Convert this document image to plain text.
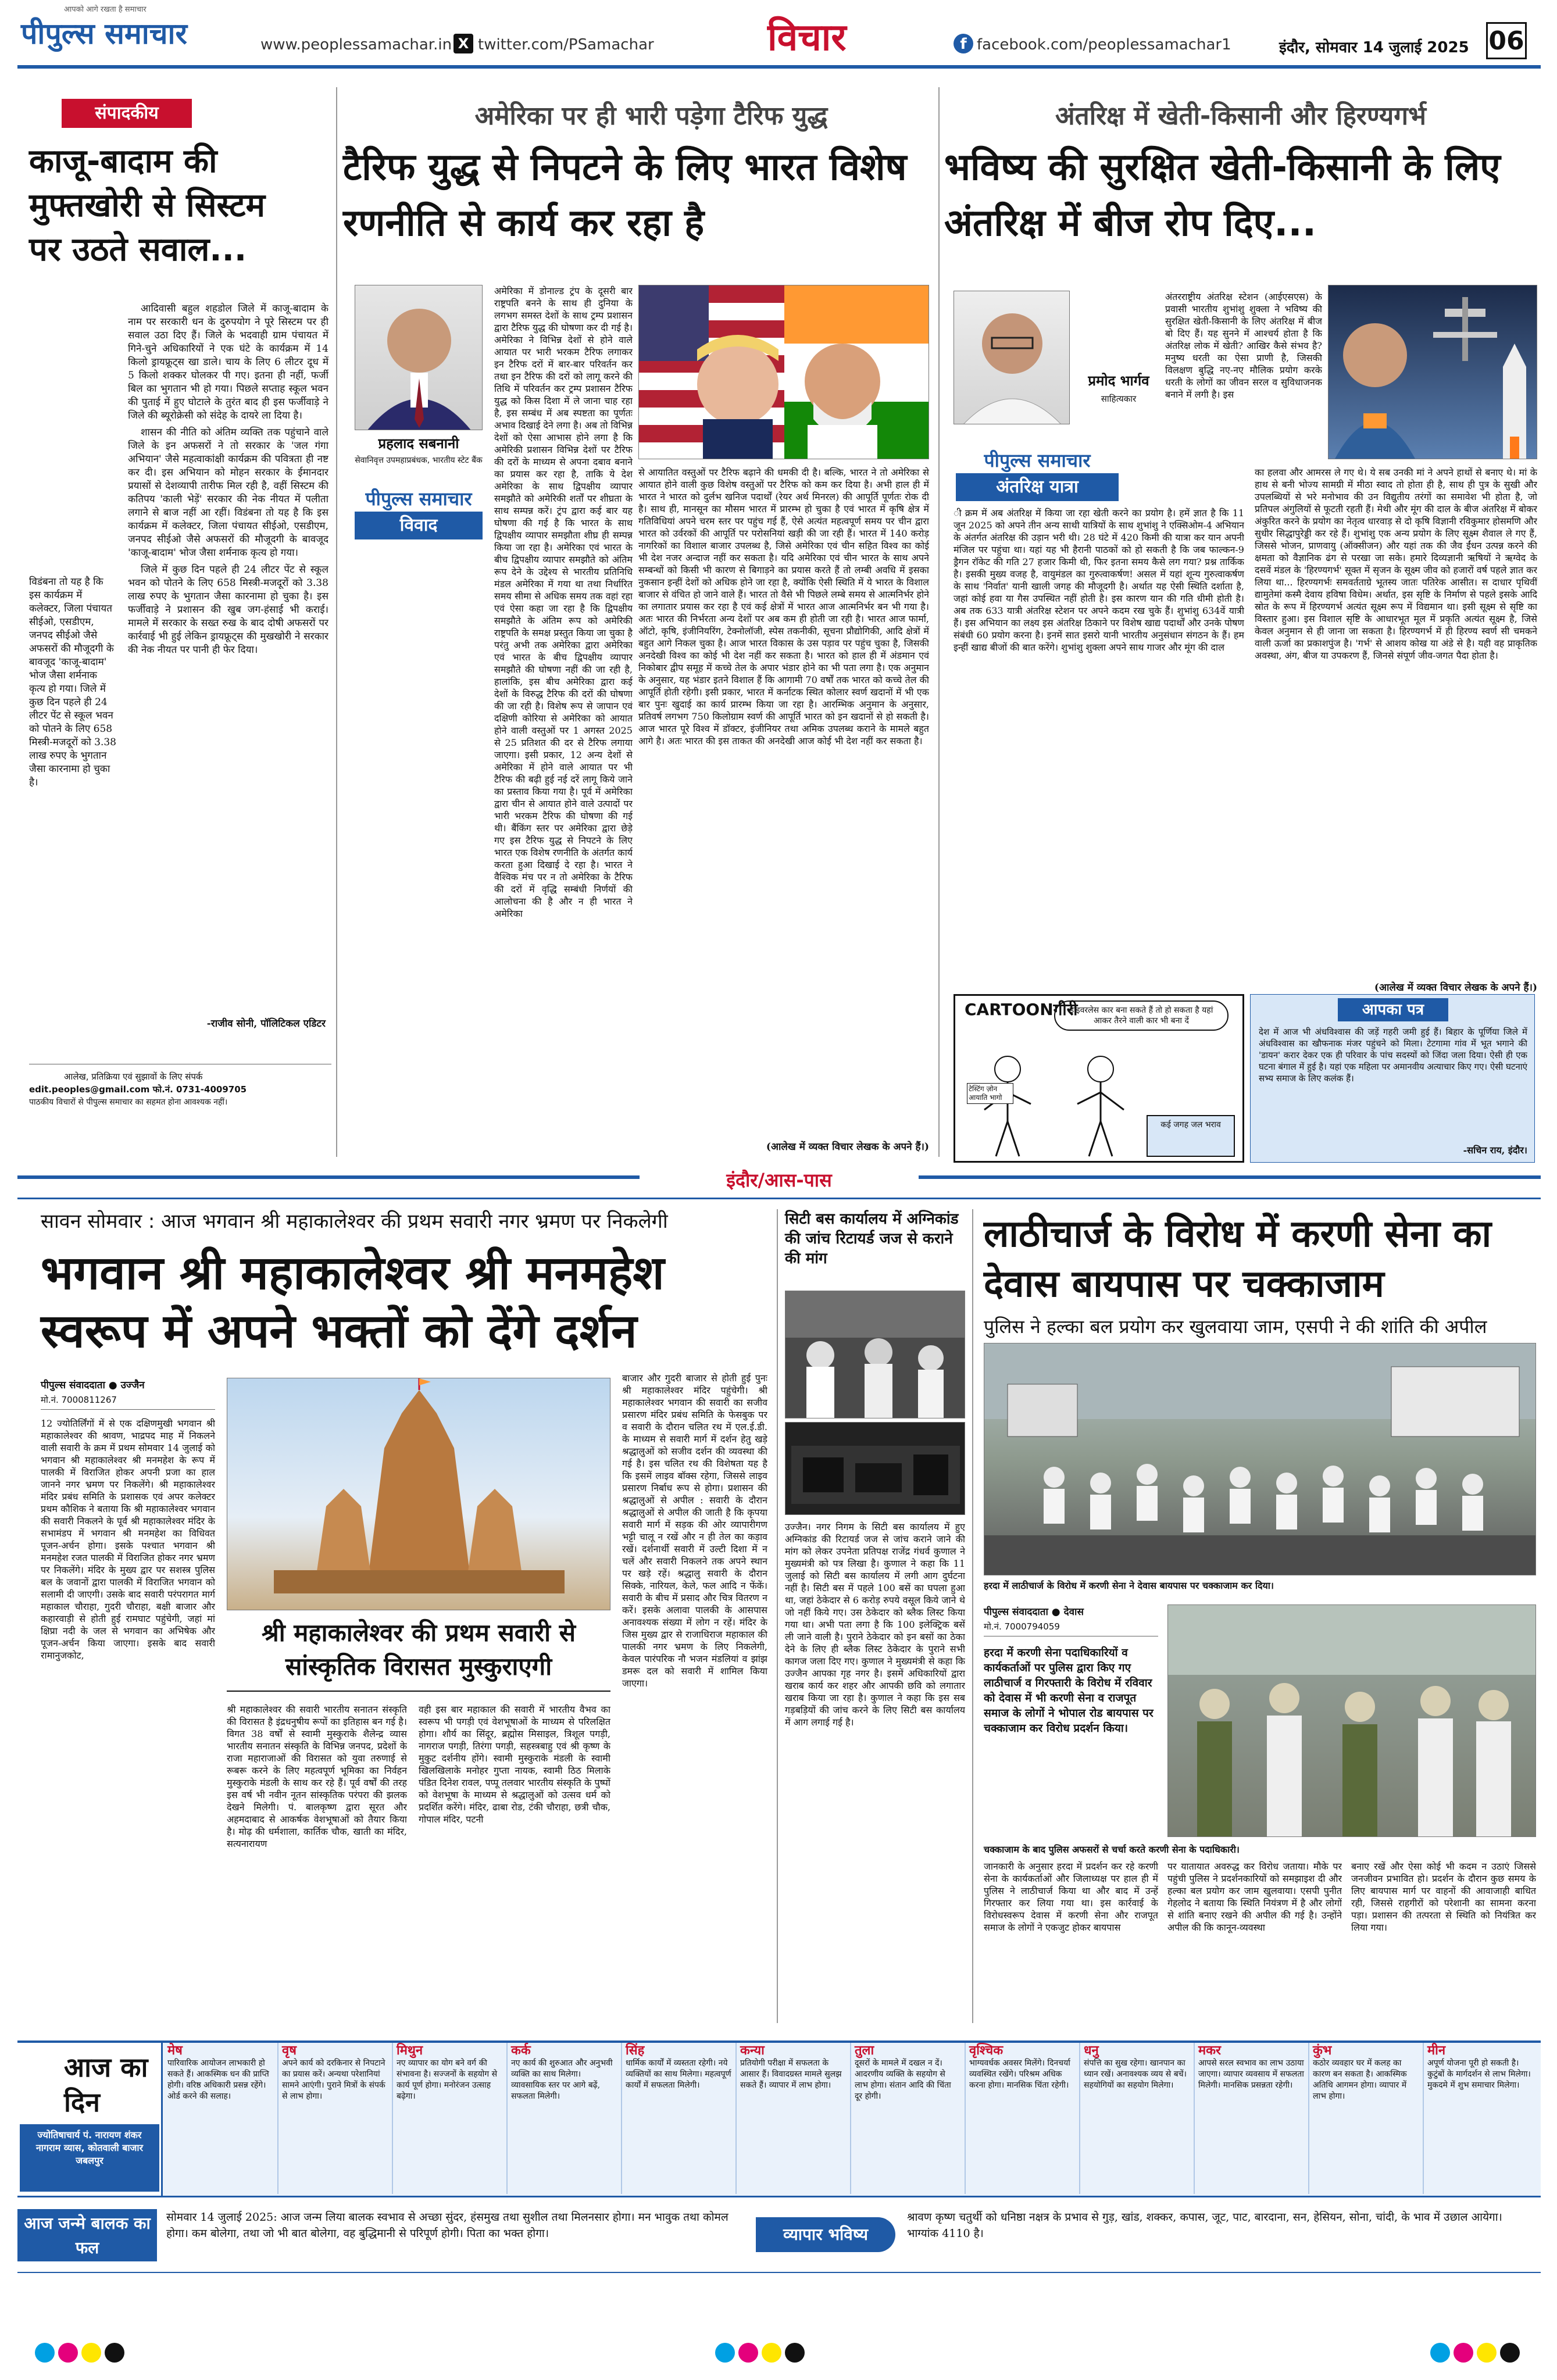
पीपुल्स समाचार
आपको आगे रखता है समाचार
www.peoplessamachar.in X twitter.com/PSamachar	विचार	f facebook.com/peoplessamachar1	इंदौर, सोमवार 14 जुलाई 2025 06
संपादकीय
काजू-बादाम की मुफ्तखोरी से सिस्टम पर उठते सवाल...

आदिवासी बहुल शहडोल जिले में काजू-बादाम के नाम पर सरकारी धन के दुरुपयोग ने पूरे सिस्टम पर ही सवाल उठा दिए हैं। जिले के भदवाही ग्राम पंचायत में गिने-चुने अधिकारियों ने एक घंटे के कार्यक्रम में 14 किलो ड्रायफ्रूट्स खा डाले। चाय के लिए 6 लीटर दूध में 5 किलो शक्कर घोलकर पी गए। इतना ही नहीं, फर्जी बिल का भुगतान भी हो गया। पिछले सप्ताह स्कूल भवन की पुताई में हुए घोटाले के तुरंत बाद ही इस फर्जीवाड़े ने जिले की ब्यूरोक्रेसी को संदेह के दायरे ला दिया है।

शासन की नीति को अंतिम व्यक्ति तक पहुंचाने वाले जिले के इन अफसरों ने तो सरकार के 'जल गंगा अभियान' जैसे महत्वाकांक्षी कार्यक्रम की पवित्रता ही नष्ट कर दी। इस अभियान को मोहन सरकार के ईमानदार प्रयासों से देशव्यापी तारीफ मिल रही है, वहीं सिस्टम की कतिपय 'काली भेड़ें' सरकार की नेक नीयत में पलीता लगाने से बाज नहीं आ रहीं। विडंबना तो यह है कि इस कार्यक्रम में कलेक्टर, जिला पंचायत सीईओ, एसडीएम, जनपद सीईओ जैसे अफसरों की मौजूदगी के बावजूद 'काजू-बादाम' भोज जैसा शर्मनाक कृत्य हो गया।

जिले में कुछ दिन पहले ही 24 लीटर पेंट से स्कूल भवन को पोतने के लिए 658 मिस्त्री-मजदूरों को 3.38 लाख रुपए के भुगतान जैसा कारनामा हो चुका है। इस फर्जीवाड़े ने प्रशासन की खुब जग-हंसाई भी कराई। मामले में सरकार के सख्त रुख के बाद दोषी अफसरों पर कार्रवाई भी हुई लेकिन ड्रायफ्रूट्स की मुखखोरी ने सरकार की नेक नीयत पर पानी ही फेर दिया।

विडंबना तो यह है कि इस कार्यक्रम में कलेक्टर, जिला पंचायत सीईओ, एसडीएम, जनपद सीईओ जैसे अफसरों की मौजूदगी के बावजूद 'काजू-बादाम' भोज जैसा शर्मनाक कृत्य हो गया। जिले में कुछ दिन पहले ही 24 लीटर पेंट से स्कूल भवन को पोतने के लिए 658 मिस्त्री-मजदूरों को 3.38 लाख रुपए के भुगतान जैसा कारनामा हो चुका है।
-राजीव सोनी, पॉलिटिकल एडिटर
आलेख, प्रतिक्रिया एवं सुझावों के लिए संपर्क
edit.peoples@gmail.com फो.नं. 0731-4009705
पाठकीय विचारों से पीपुल्स समाचार का सहमत होना आवश्यक नहीं।
अमेरिका पर ही भारी पड़ेगा टैरिफ युद्ध
टैरिफ युद्ध से निपटने के लिए भारत विशेष रणनीति से कार्य कर रहा है
प्रहलाद सबनानी
सेवानिवृत्त उपमहाप्रबंधक, भारतीय स्टेट बैंक
पीपुल्स समाचार
विवाद
अमेरिका में डोनाल्ड ट्रंप के दूसरी बार राष्ट्रपति बनने के साथ ही दुनिया के लगभग समस्त देशों के साथ ट्रम्प प्रशासन द्वारा टैरिफ युद्ध की घोषणा कर दी गई है। अमेरिका ने विभिन्न देशों से होने वाले आयात पर भारी भरकम टैरिफ लगाकर इन टैरिफ दरों में बार-बार परिवर्तन कर तथा इन टैरिफ की दरों को लागू करने की तिथि में परिवर्तन कर ट्रम्प प्रशासन टैरिफ युद्ध को किस दिशा में ले जाना चाह रहा है, इस सम्बंध में अब स्पष्टता का पूर्णतः अभाव दिखाई देने लगा है। अब तो विभिन्न देशों को ऐसा आभास होने लगा है कि अमेरिकी प्रशासन विभिन्न देशों पर टैरिफ की दरों के माध्यम से अपना दबाव बनाने का प्रयास कर रहा है, ताकि ये देश अमेरिका के साथ द्विपक्षीय व्यापार समझौते को अमेरिकी शर्तों पर शीघ्रता के साथ सम्पन्न करें। ट्रंप द्वारा कई बार यह घोषणा की गई है कि भारत के साथ द्विपक्षीय व्यापार समझौता शीघ्र ही सम्पन्न किया जा रहा है। अमेरिका एवं भारत के बीच द्विपक्षीय व्यापार समझौते को अंतिम रूप देने के उद्देश्य से भारतीय प्रतिनिधि मंडल अमेरिका में गया था तथा निर्धारित समय सीमा से अधिक समय तक वहां रहा एवं ऐसा कहा जा रहा है कि द्विपक्षीय समझौते के अंतिम रूप को अमेरिकी राष्ट्रपति के समक्ष प्रस्तुत किया जा चुका है परंतु अभी तक अमेरिका द्वारा अमेरिका एवं भारत के बीच द्विपक्षीय व्यापार समझौते की घोषणा नहीं की जा रही है, हालांकि, इस बीच अमेरिका द्वारा कई देशों के विरुद्ध टैरिफ की दरों की घोषणा की जा रही है। विशेष रूप से जापान एवं दक्षिणी कोरिया से अमेरिका को आयात होने वाली वस्तुओं पर 1 अगस्त 2025 से 25 प्रतिशत की दर से टैरिफ लगाया जाएगा। इसी प्रकार, 12 अन्य देशों से अमेरिका में होने वाले आयात पर भी टैरिफ की बढ़ी हुई नई दरें लागू किये जाने का प्रस्ताव किया गया है। पूर्व में अमेरिका द्वारा चीन से आयात होने वाले उत्पादों पर भारी भरकम टैरिफ की घोषणा की गई थी। बैंकिंग स्तर पर अमेरिका द्वारा छेड़े गए इस टैरिफ युद्ध से निपटने के लिए भारत एक विशेष रणनीति के अंतर्गत कार्य करता हुआ दिखाई दे रहा है। भारत ने वैश्विक मंच पर न तो अमेरिका के टैरिफ की दरों में वृद्धि सम्बंधी निर्णयों की आलोचना की है और न ही भारत ने अमेरिका
से आयातित वस्तुओं पर टैरिफ बढ़ाने की धमकी दी है। बल्कि, भारत ने तो अमेरिका से आयात होने वाली कुछ विशेष वस्तुओं पर टैरिफ को कम कर दिया है। अभी हाल ही में भारत ने भारत को दुर्लभ खनिज पदार्थों (रेयर अर्थ मिनरल) की आपूर्ति पूर्णतः रोक दी है। साथ ही, मानसून का मौसम भारत में प्रारम्भ हो चुका है एवं भारत में कृषि क्षेत्र में गतिविधियां अपने चरम स्तर पर पहुंच गई हैं, ऐसे अत्यंत महत्वपूर्ण समय पर चीन द्वारा भारत को उर्वरकों की आपूर्ति पर परोसनियां खड़ी की जा रही हैं। भारत में 140 करोड़ नागरिकों का विशाल बाजार उपलब्ध है, जिसे अमेरिका एवं चीन सहित विश्व का कोई भी देश नजर अन्दाज नहीं कर सकता है। यदि अमेरिका एवं चीन भारत के साथ अपने सम्बन्धों को किसी भी कारण से बिगाड़ने का प्रयास करते हैं तो लम्बी अवधि में इसका नुकसान इन्हीं देशों को अधिक होने जा रहा है, क्योंकि ऐसी स्थिति में ये भारत के विशाल बाजार से वंचित हो जाने वाले हैं। भारत तो वैसे भी पिछले लम्बे समय से आत्मनिर्भर होने का लगातार प्रयास कर रहा है एवं कई क्षेत्रों में भारत आज आत्मनिर्भर बन भी गया है। अतः भारत की निर्भरता अन्य देशों पर अब कम ही होती जा रही है। भारत आज फार्मा, ऑटो, कृषि, इंजीनियरिंग, टेक्नोलॉजी, स्पेस तकनीकी, सूचना प्रौद्योगिकी, आदि क्षेत्रों में बहुत आगे निकल चुका है। आज भारत विकास के उस पड़ाव पर पहुंच चुका है, जिसकी अनदेखी विश्व का कोई भी देश नहीं कर सकता है। भारत को हाल ही में अंडमान एवं निकोबार द्वीप समूह में कच्चे तेल के अपार भंडार होने का भी पता लगा है। एक अनुमान के अनुसार, यह भंडार इतने विशाल हैं कि आगामी 70 वर्षों तक भारत को कच्चे तेल की आपूर्ति होती रहेगी। इसी प्रकार, भारत में कर्नाटक स्थित कोलार स्वर्ण खदानों में भी एक बार पुनः खुदाई का कार्य प्रारम्भ किया जा रहा है। आरम्भिक अनुमान के अनुसार, प्रतिवर्ष लगभग 750 किलोग्राम स्वर्ण की आपूर्ति भारत को इन खदानों से हो सकती है। आज भारत पूरे विश्व में डॉक्टर, इंजीनियर तथा अमिक उपलब्ध कराने के मामले बहुत आगे है। अतः भारत की इस ताकत की अनदेखी आज कोई भी देश नहीं कर सकता है।
(आलेख में व्यक्त विचार लेखक के अपने हैं।)
अंतरिक्ष में खेती-किसानी और हिरण्यगर्भ
भविष्य की सुरक्षित खेती-किसानी के लिए अंतरिक्ष में बीज रोप दिए...
प्रमोद भार्गव
साहित्यकार
पीपुल्स समाचार
अंतरिक्ष यात्रा
अंतरराष्ट्रीय अंतरिक्ष स्टेशन (आईएसएस) के प्रवासी भारतीय शुभांशु शुक्ला ने भविष्य की सुरक्षित खेती-किसानी के लिए अंतरिक्ष में बीज बो दिए हैं। यह सुनने में आश्चर्य होता है कि अंतरिक्ष लोक में खेती? आखिर कैसे संभव है? मनुष्य धरती का ऐसा प्राणी है, जिसकी विलक्षण बुद्धि नए-नए मौलिक प्रयोग करके धरती के लोगों का जीवन सरल व सुविधाजनक बनाने में लगी है। इस
ी क्रम में अब अंतरिक्ष में किया जा रहा खेती करने का प्रयोग है। हमें ज्ञात है कि 11 जून 2025 को अपने तीन अन्य साथी यात्रियों के साथ शुभांशु ने एक्सिओम-4 अभियान के अंतर्गत अंतरिक्ष की उड़ान भरी थी। 28 घंटे में 420 किमी की यात्रा कर यान अपनी मंजिल पर पहुंचा था। यहां यह भी हैरानी पाठकों को हो सकती है कि जब फाल्कन-9 ड्रैगन रॉकेट की गति 27 हजार किमी थी, फिर इतना समय कैसे लग गया? प्रश्न तार्किक है। इसकी मुख्य वजह है, वायुमंडल का गुरुत्वाकर्षण! असल में यहां शून्य गुरुत्वाकर्षण के साथ 'निर्वात' यानी खाली जगह की मौजूदगी है। अर्थात यह ऐसी स्थिति दर्शाता है, जहां कोई हवा या गैस उपस्थित नहीं होती है। इस कारण यान की गति धीमी होती है। अब तक 633 यात्री अंतरिक्ष स्टेशन पर अपने कदम रख चुके हैं। शुभांशु 634वें यात्री हैं। इस अभियान का लक्ष्य इस अंतरिक्ष ठिकाने पर विशेष खाद्य पदार्थों और उनके पोषण संबंधी 60 प्रयोग करना है। इनमें सात इसरो यानी भारतीय अनुसंधान संगठन के हैं। हम इन्हीं खाद्य बीजों की बात करेंगे। शुभांशु शुक्ला अपने साथ गाजर और मूंग की दाल
का हलवा और आमरस ले गए थे। ये सब उनकी मां ने अपने हाथों से बनाए थे। मां के हाथ से बनी भोज्य सामग्री में मीठा स्वाद तो होता ही है, साथ ही पुत्र के सुखी और उपलब्धियों से भरे मनोभाव की उन विद्युतीय तरंगों का समावेश भी होता है, जो प्रतिपल अंगुलियों से फूटती रहती हैं। मेथी और मूंग की दाल के बीज अंतरिक्ष में बोकर अंकुरित करने के प्रयोग का नेतृत्व धारवाड़ से दो कृषि विज्ञानी रविकुमार होसमणि और सुधीर सिद्धापुरेड्डी कर रहे हैं। शुभांशु एक अन्य प्रयोग के लिए सूक्ष्म शैवाल ले गए हैं, जिससे भोजन, प्राणवायु (ऑक्सीजन) और यहां तक की जैव ईंधन उत्पन्न करने की क्षमता को वैज्ञानिक ढंग से परखा जा सके। हमारे दिव्यज्ञानी ऋषियों ने ऋग्वेद के दसवें मंडल के 'हिरण्यगर्भ' सूक्त में सृजन के सूक्ष्म जीव को हजारों वर्ष पहले ज्ञात कर लिया था... हिरण्यगर्भः समवर्तताग्रे भूतस्य जातः पतिरेक आसीत। स दाधार पृथिवीं द्यामुतेमां कस्मै देवाय हविषा विधेम। अर्थात, इस सृष्टि के निर्माण से पहले इसके आदि स्रोत के रूप में हिरण्यगर्भ अत्यंत सूक्ष्म रूप में विद्यमान था। इसी सूक्ष्म से सृष्टि का विस्तार हुआ। इस विशाल सृष्टि के आधारभूत मूल में प्रकृति अत्यंत सूक्ष्म है, जिसे केवल अनुमान से ही जाना जा सकता है। हिरण्यगर्भ में ही हिरण्य स्वर्ण सी चमकने वाली ऊर्जा का प्रकाशपुंज है। 'गर्भ' से आशय कोख या अंडे से है। यही वह प्राकृतिक अवस्था, अंग, बीज या उपकरण हैं, जिनसे संपूर्ण जीव-जगत पैदा होता है।
(आलेख में व्यक्त विचार लेखक के अपने हैं।)
CARTOONगीरी
ड्राइवरलेस कार बना सकते हैं तो हो सकता है यहां आकर तैरने वाली कार भी बना दें
टेस्टिंग ज़ोन आयाति भागो
कई जगह जल भराव
आपका पत्र
देश में आज भी अंधविश्वास की जड़ें गहरी जमी हुई हैं। बिहार के पूर्णिया जिले में अंधविश्वास का खौफनाक मंजर पहुंचने को मिला। टेटगामा गांव में भूत भगाने की 'डायन' करार देकर एक ही परिवार के पांच सदस्यों को जिंदा जला दिया। ऐसी ही एक घटना बंगाल में हुई है। यहां एक महिला पर अमानवीय अत्याचार किए गए। ऐसी घटनाएं सभ्य समाज के लिए कलंक हैं।
-सचिन राय, इंदौर।
इंदौर/आस-पास
सावन सोमवार : आज भगवान श्री महाकालेश्वर की प्रथम सवारी नगर भ्रमण पर निकलेगी
भगवान श्री महाकालेश्वर श्री मनमहेश स्वरूप में अपने भक्तों को देंगे दर्शन
पीपुल्स संवाददाता ● उज्जैन
मो.नं. 7000811267
12 ज्योतिर्लिंगों में से एक दक्षिणमुखी भगवान श्री महाकालेश्वर की श्रावण, भाद्रपद माह में निकलने वाली सवारी के क्रम में प्रथम सोमवार 14 जुलाई को भगवान श्री महाकालेश्वर श्री मनमहेश के रूप में पालकी में विराजित होकर अपनी प्रजा का हाल जानने नगर भ्रमण पर निकलेंगे। श्री महाकालेश्वर मंदिर प्रबंध समिति के प्रशासक एवं अपर कलेक्टर प्रथम कौशिक ने बताया कि श्री महाकालेश्वर भगवान की सवारी निकलने के पूर्व श्री महाकालेश्वर मंदिर के सभामंडप में भगवान श्री मनमहेश का विधिवत पूजन-अर्चन होगा। इसके पश्चात भगवान श्री मनमहेश रजत पालकी में विराजित होकर नगर भ्रमण पर निकलेंगे। मंदिर के मुख्य द्वार पर सशस्त्र पुलिस बल के जवानों द्वारा पालकी में विराजित भगवान को सलामी दी जाएगी। उसके बाद सवारी परंपरागत मार्ग महाकाल चौराहा, गुदरी चौराहा, बक्षी बाजार और कहारवाड़ी से होती हुई रामघाट पहुंचेगी, जहां मां क्षिप्रा नदी के जल से भगवान का अभिषेक और पूजन-अर्चन किया जाएगा। इसके बाद सवारी रामानुजकोट,
श्री महाकालेश्वर की प्रथम सवारी से सांस्कृतिक विरासत मुस्कुराएगी
श्री महाकालेश्वर की सवारी भारतीय सनातन संस्कृति की विरासत है इंद्रधनुषीय रूपों का इतिहास बन गई है। विगत 38 वर्षों से स्वामी मुस्कुराके शैलेन्द्र व्यास भारतीय सनातन संस्कृति के विभिन्न जनपद, प्रदेशों के राजा महाराजाओं की विरासत को युवा तरुणाई से रूबरू करने के लिए महत्वपूर्ण भूमिका का निर्वहन मुस्कुराके मंडली के साथ कर रहे हैं। पूर्व वर्षों की तरह इस वर्ष भी नवीन नूतन सांस्कृतिक परंपरा की झलक देखने मिलेगी। पं. बालकृष्ण द्वारा सूरत और अहमदाबाद से आकर्षक वेशभूषाओं को तैयार किया है। मोढ़ की धर्मशाला, कार्तिक चौक, खाती का मंदिर, सत्यनारायण
वही इस बार महाकाल की सवारी में भारतीय वैभव का स्वरूप भी पगड़ी एवं वेशभूषाओं के माध्यम से परिलक्षित होगा। शौर्य का सिंदूर, ब्रह्मोस मिसाइल, त्रिशूल पगड़ी, नागराज पगड़ी, तिरंगा पगड़ी, सहस्त्रबाहु एवं श्री कृष्ण के मुकुट दर्शनीय होंगे। स्वामी मुस्कुराके मंडली के स्वामी खिलखिलाके मनोहर गुप्ता नायक, स्वामी ठिठ मिलाके पंडित दिनेश रावल, पप्पू तलवार भारतीय संस्कृति के पुष्पों को वेशभूषा के माध्यम से श्रद्धालुओं को उत्सव धर्म को प्रदर्शित करेंगे। मंदिर, ढाबा रोड, टंकी चौराहा, छत्री चौक, गोपाल मंदिर, पटनी
बाजार और गुदरी बाजार से होती हुई पुनः श्री महाकालेश्वर मंदिर पहुंचेगी। श्री महाकालेश्वर भगवान की सवारी का सजीव प्रसारण मंदिर प्रबंध समिति के फेसबुक पर व सवारी के दौरान चलित रथ में एल.ई.डी. के माध्यम से सवारी मार्ग में दर्शन हेतु खड़े श्रद्धालुओं को सजीव दर्शन की व्यवस्था की गई है। इस चलित रथ की विशेषता यह है कि इसमें लाइव बॉक्स रहेगा, जिससे लाइव प्रसारण निर्बाध रूप से होगा। प्रशासन की श्रद्धालुओं से अपील : सवारी के दौरान श्रद्धालुओं से अपील की जाती है कि कृपया सवारी मार्ग में सड़क की ओर व्यापारीगण भट्टी चालू न रखें और न ही तेल का कड़ाव रखें। दर्शनार्थी सवारी में उल्टी दिशा में न चलें और सवारी निकलने तक अपने स्थान पर खड़े रहें। श्रद्धालु सवारी के दौरान सिक्के, नारियल, केले, फल आदि न फेंकें। सवारी के बीच में प्रसाद और चित्र वितरण न करें। इसके अलावा पालकी के आसपास अनावश्यक संख्या में लोग न रहें। मंदिर के जिस मुख्य द्वार से राजाधिराज महाकाल की पालकी नगर भ्रमण के लिए निकलेगी, केवल पारंपरिक नौ भजन मंडलियां व झांझ डमरू दल को सवारी में शामिल किया जाएगा।
सिटी बस कार्यालय में अग्निकांड की जांच रिटायर्ड जज से कराने की मांग
उज्जैन। नगर निगम के सिटी बस कार्यालय में हुए अग्निकांड की रिटायर्ड जज से जांच कराने जाने की मांग को लेकर उपनेता प्रतिपक्ष राजेंद्र गंधर्व कुणाल ने मुख्यमंत्री को पत्र लिखा है। कुणाल ने कहा कि 11 जुलाई को सिटी बस कार्यालय में लगी आग दुर्घटना नहीं है। सिटी बस में पहले 100 बसें का घपला हुआ था, जहां ठेकेदार से 6 करोड़ रुपये वसूल किये जाने थे जो नहीं किये गए। उस ठेकेदार को ब्लैक लिस्ट किया गया था। अभी पता लगा है कि 100 इलेक्ट्रिक बसें ली जाने वाली है। पुराने ठेकेदार को इन बसों का ठेका देने के लिए ही ब्लैक लिस्ट ठेकेदार के पुराने सभी कागज जला दिए गए। कुणाल ने मुख्यमंत्री से कहा कि उज्जैन आपका गृह नगर है। इसमें अधिकारियों द्वारा खराब कार्य कर शहर और आपकी छवि को लगातार खराब किया जा रहा है। कुणाल ने कहा कि इस सब गड़बड़ियों की जांच करने के लिए सिटी बस कार्यालय में आग लगाई गई है।
लाठीचार्ज के विरोध में करणी सेना का देवास बायपास पर चक्काजाम
पुलिस ने हल्का बल प्रयोग कर खुलवाया जाम, एसपी ने की शांति की अपील
हरदा में लाठीचार्ज के विरोध में करणी सेना ने देवास बायपास पर चक्काजाम कर दिया।
पीपुल्स संवाददाता ● देवास
मो.नं. 7000794059
हरदा में करणी सेना पदाधिकारियों व कार्यकर्ताओं पर पुलिस द्वारा किए गए लाठीचार्ज व गिरफ्तारी के विरोध में रविवार को देवास में भी करणी सेना व राजपूत समाज के लोगों ने भोपाल रोड बायपास पर चक्काजाम कर विरोध प्रदर्शन किया।
चक्काजाम के बाद पुलिस अफसरों से चर्चा करते करणी सेना के पदाधिकारी।
जानकारी के अनुसार हरदा में प्रदर्शन कर रहे करणी सेना के कार्यकर्ताओं और जिलाध्यक्ष पर हाल ही में पुलिस ने लाठीचार्ज किया था और बाद में उन्हें गिरफ्तार कर लिया गया था। इस कार्रवाई के विरोधस्वरूप देवास में करणी सेना और राजपूत समाज के लोगों ने एकजुट होकर बायपास
पर यातायात अवरुद्ध कर विरोध जताया। मौके पर पहुंची पुलिस ने प्रदर्शनकारियों को समझाइश दी और हल्का बल प्रयोग कर जाम खुलवाया। एसपी पुनीत गेहलोद ने बताया कि स्थिति नियंत्रण में है और लोगों से शांति बनाए रखने की अपील की गई है। उन्होंने अपील की कि कानून-व्यवस्था
बनाए रखें और ऐसा कोई भी कदम न उठाएं जिससे जनजीवन प्रभावित हो। प्रदर्शन के दौरान कुछ समय के लिए बायपास मार्ग पर वाहनों की आवाजाही बाधित रही, जिससे राहगीरों को परेशानी का सामना करना पड़ा। प्रशासन की तत्परता से स्थिति को नियंत्रित कर लिया गया।
आज का
दिन
ज्योतिषाचार्य पं. नारायण शंकर नागराम व्यास, कोतवाली बाजार जबलपुर
मेष
पारिवारिक आयोजन लाभकारी हो सकते हैं। आकस्मिक धन की प्राप्ति होगी। वरिष्ठ अधिकारी प्रसन्न रहेंगे। ओर्ड करने की सलाह।
वृष
अपने कार्य को दरकिनार से निपटाने का प्रयास करें। अन्यथा परेशानियां सामने आएंगी। पुराने मित्रों के संपर्क से लाभ होगा।
मिथुन
नए व्यापार का योग बने वर्ग की संभावना है। सज्जनों के सहयोग से कार्य पूर्ण होगा। मनोरंजन उत्साह बढ़ेगा।
कर्क
नए कार्य की शुरुआत और अनुभवी व्यक्ति का साथ मिलेगा। व्यावसायिक स्तर पर आगे बढ़ें, सफलता मिलेगी।
सिंह
धार्मिक कार्यों में व्यस्तता रहेगी। नये व्यक्तियों का साथ मिलेगा। महत्वपूर्ण कार्यों में सफलता मिलेगी।
कन्या
प्रतियोगी परीक्षा में सफलता के आसार हैं। विवादग्रस्त मामले सुलझ सकते हैं। व्यापार में लाभ होगा।
तुला
दूसरों के मामले में दखल न दें। आदरणीय व्यक्ति के सहयोग से लाभ होगा। संतान आदि की चिंता दूर होगी।
वृश्चिक
भाग्यवर्धक अवसर मिलेंगे। दिनचर्या व्यवस्थित रखेंगे। परिश्रम अधिक करना होगा। मानसिक चिंता रहेगी।
धनु
संपत्ति का सुख रहेगा। खानपान का ध्यान रखें। अनावश्यक व्यय से बचें। सहयोगियों का सहयोग मिलेगा।
मकर
आपसे सरल स्वभाव का लाभ उठाया जाएगा। व्यापार व्यवसाय में सफलता मिलेगी। मानसिक प्रसन्नता रहेगी।
कुंभ
कठोर व्यवहार घर में कलह का कारण बन सकता है। आकस्मिक अतिथि आगमन होगा। व्यापार में लाभ होगा।
मीन
अपूर्ण योजना पूरी हो सकती है। कुटुंबों के मार्गदर्शन से लाभ मिलेगा। मुकदमे में शुभ समाचार मिलेगा।
आज जन्मे बालक का फल
सोमवार 14 जुलाई 2025: आज जन्म लिया बालक स्वभाव से अच्छा सुंदर, हंसमुख तथा सुशील तथा मिलनसार होगा। मन भावुक तथा कोमल होगा। कम बोलेगा, तथा जो भी बात बोलेगा, वह बुद्धिमानी से परिपूर्ण होगी। पिता का भक्त होगा।	व्यापार भविष्य
श्रावण कृष्ण चतुर्थी को धनिष्ठा नक्षत्र के प्रभाव से गुड़, खांड, शक्कर, कपास, जूट, पाट, बारदाना, सन, हेसियन, सोना, चांदी, के भाव में उछाल आयेगा। भाग्यांक 4110 है।
